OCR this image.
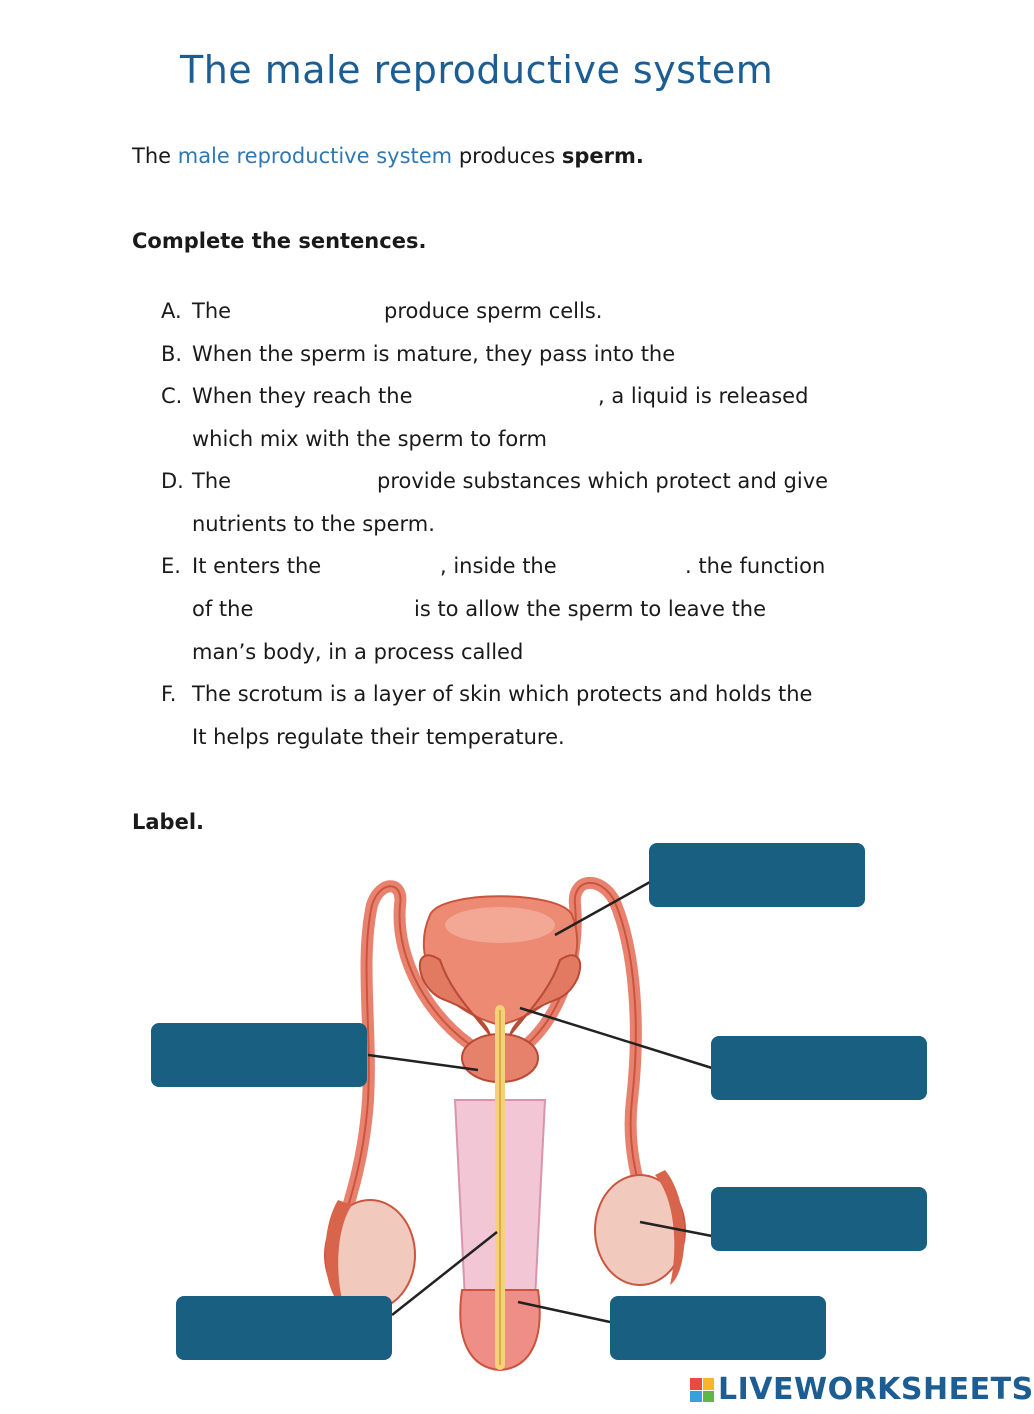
The male reproductive system

The male reproductive system produces sperm.

Complete the sentences.

A. The	produce sperm cells.
B. When the sperm is mature, they pass into the
C. When they reach the	, a liquid is released
which mix with the sperm to form
D. The	provide substances which protect and give
nutrients to the sperm.
E. It enters the	, inside the	. the function
of the	is to allow the sperm to leave the
man’s body, in a process called
F. The scrotum is a layer of skin which protects and holds the
It helps regulate their temperature.

Label.

LIVEWORKSHEETS
